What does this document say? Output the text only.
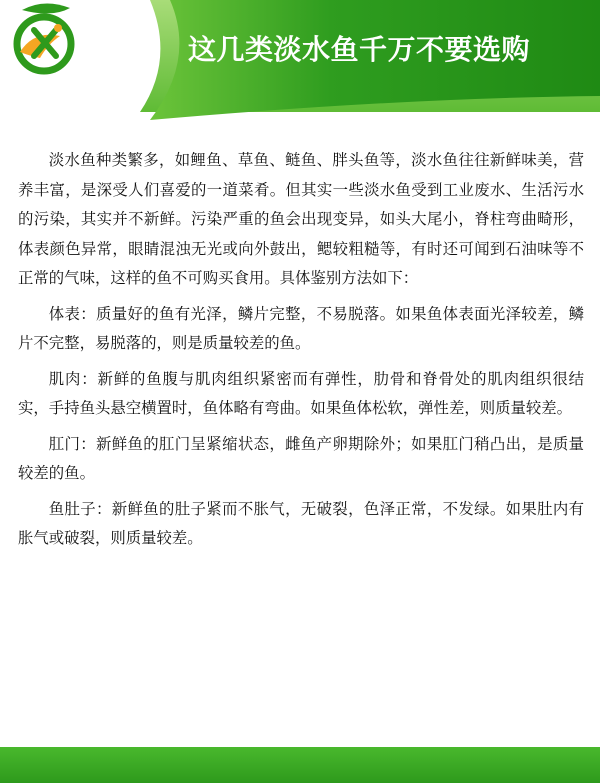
这几类淡水鱼千万不要选购

淡水鱼种类繁多，如鲤鱼、草鱼、鲢鱼、胖头鱼等，淡水鱼往往新鲜味美，营养丰富，是深受人们喜爱的一道菜肴。但其实一些淡水鱼受到工业废水、生活污水的污染，其实并不新鲜。污染严重的鱼会出现变异，如头大尾小，脊柱弯曲畸形，体表颜色异常，眼睛混浊无光或向外鼓出，鳃较粗糙等，有时还可闻到石油味等不正常的气味，这样的鱼不可购买食用。具体鉴别方法如下：

体表：质量好的鱼有光泽，鳞片完整，不易脱落。如果鱼体表面光泽较差，鳞片不完整，易脱落的，则是质量较差的鱼。

肌肉：新鲜的鱼腹与肌肉组织紧密而有弹性，肋骨和脊骨处的肌肉组织很结实，手持鱼头悬空横置时，鱼体略有弯曲。如果鱼体松软，弹性差，则质量较差。

肛门：新鲜鱼的肛门呈紧缩状态，雌鱼产卵期除外；如果肛门稍凸出，是质量较差的鱼。

鱼肚子：新鲜鱼的肚子紧而不胀气，无破裂，色泽正常，不发绿。如果肚内有胀气或破裂，则质量较差。
